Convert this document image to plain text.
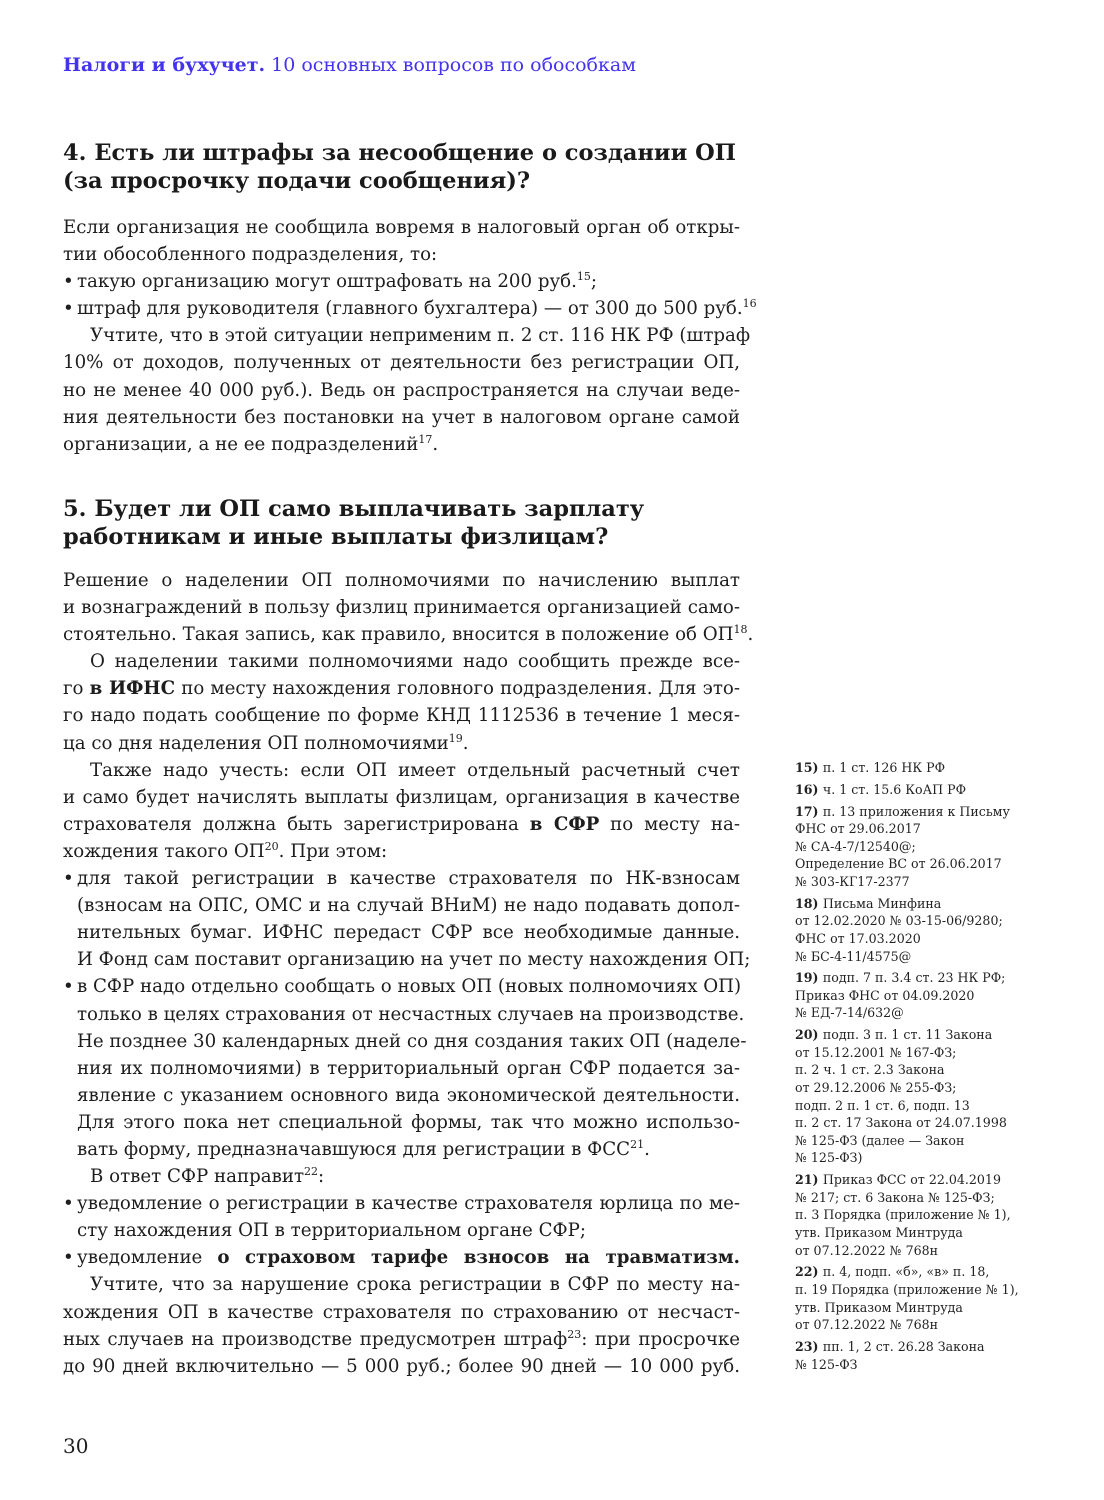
Налоги и бухучет. 10 основных вопросов по обособкам
4. Есть ли штрафы за несообщение о создании ОП
(за просрочку подачи сообщения)?
Если организация не сообщила вовремя в налоговый орган об откры-
тии обособленного подразделения, то:
• такую организацию могут оштрафовать на 200 руб.$^{15}$;
• штраф для руководителя (главного бухгалтера) — от 300 до 500 руб.$^{16}$
Учтите, что в этой ситуации неприменим п. 2 ст. 116 НК РФ (штраф
10% от доходов, полученных от деятельности без регистрации ОП,
но не менее 40 000 руб.). Ведь он распространяется на случаи веде-
ния деятельности без постановки на учет в налоговом органе самой
организации, а не ее подразделений$^{17}$.
5. Будет ли ОП само выплачивать зарплату
работникам и иные выплаты физлицам?
Решение о наделении ОП полномочиями по начислению выплат
и вознаграждений в пользу физлиц принимается организацией само-
стоятельно. Такая запись, как правило, вносится в положение об ОП$^{18}$.
О наделении такими полномочиями надо сообщить прежде все-
го в ИФНС по месту нахождения головного подразделения. Для это-
го надо подать сообщение по форме КНД 1112536 в течение 1 меся-
ца со дня наделения ОП полномочиями$^{19}$.
Также надо учесть: если ОП имеет отдельный расчетный счет
и само будет начислять выплаты физлицам, организация в качестве
страхователя должна быть зарегистрирована в СФР по месту на-
хождения такого ОП$^{20}$. При этом:
• для такой регистрации в качестве страхователя по НК-взносам
(взносам на ОПС, ОМС и на случай ВНиМ) не надо подавать допол-
нительных бумаг. ИФНС передаст СФР все необходимые данные.
И Фонд сам поставит организацию на учет по месту нахождения ОП;
• в СФР надо отдельно сообщать о новых ОП (новых полномочиях ОП)
только в целях страхования от несчастных случаев на производстве.
Не позднее 30 календарных дней со дня создания таких ОП (наделе-
ния их полномочиями) в территориальный орган СФР подается за-
явление с указанием основного вида экономической деятельности.
Для этого пока нет специальной формы, так что можно использо-
вать форму, предназначавшуюся для регистрации в ФСС$^{21}$.
В ответ СФР направит$^{22}$:
• уведомление о регистрации в качестве страхователя юрлица по ме-
сту нахождения ОП в территориальном органе СФР;
• уведомление о страховом тарифе взносов на травматизм.
Учтите, что за нарушение срока регистрации в СФР по месту на-
хождения ОП в качестве страхователя по страхованию от несчаст-
ных случаев на производстве предусмотрен штраф$^{23}$: при просрочке
до 90 дней включительно — 5 000 руб.; более 90 дней — 10 000 руб.
15) п. 1 ст. 126 НК РФ
16) ч. 1 ст. 15.6 КоАП РФ
17) п. 13 приложения к Письму
ФНС от 29.06.2017
№ СА-4-7/12540@;
Определение ВС от 26.06.2017
№ 303-КГ17-2377
18) Письма Минфина
от 12.02.2020 № 03-15-06/9280;
ФНС от 17.03.2020
№ БС-4-11/4575@
19) подп. 7 п. 3.4 ст. 23 НК РФ;
Приказ ФНС от 04.09.2020
№ ЕД-7-14/632@
20) подп. 3 п. 1 ст. 11 Закона
от 15.12.2001 № 167-ФЗ;
п. 2 ч. 1 ст. 2.3 Закона
от 29.12.2006 № 255-ФЗ;
подп. 2 п. 1 ст. 6, подп. 13
п. 2 ст. 17 Закона от 24.07.1998
№ 125-ФЗ (далее — Закон
№ 125-ФЗ)
21) Приказ ФСС от 22.04.2019
№ 217; ст. 6 Закона № 125-ФЗ;
п. 3 Порядка (приложение № 1),
утв. Приказом Минтруда
от 07.12.2022 № 768н
22) п. 4, подп. «б», «в» п. 18,
п. 19 Порядка (приложение № 1),
утв. Приказом Минтруда
от 07.12.2022 № 768н
23) пп. 1, 2 ст. 26.28 Закона
№ 125-ФЗ
30
